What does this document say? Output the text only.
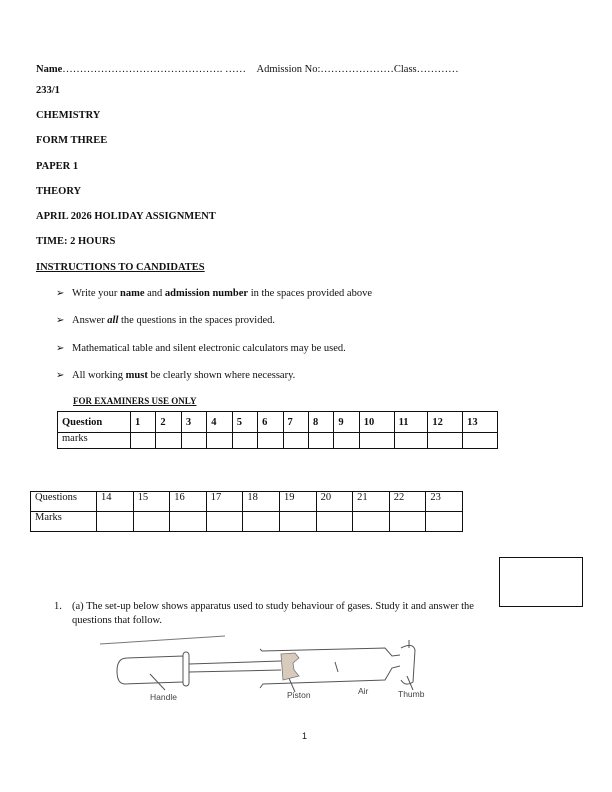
Name………………………………………. …… Admission No:…………………Class…………
233/1
CHEMISTRY
FORM THREE
PAPER 1
THEORY
APRIL 2026 HOLIDAY ASSIGNMENT
TIME: 2 HOURS
INSTRUCTIONS TO CANDIDATES
➢ Write your name and admission number in the spaces provided above
➢ Answer all the questions in the spaces provided.
➢ Mathematical table and silent electronic calculators may be used.
➢ All working must be clearly shown where necessary.
FOR EXAMINERS USE ONLY
Question	1	2	3	4	5	6	7	8	9	10	11	12	13
marks													
Questions	14	15	16	17	18	19	20	21	22	23
Marks										
1. (a) The set-up below shows apparatus used to study behaviour of gases. Study it and answer the questions that follow.
Handle	Piston	Air	Thumb
1
